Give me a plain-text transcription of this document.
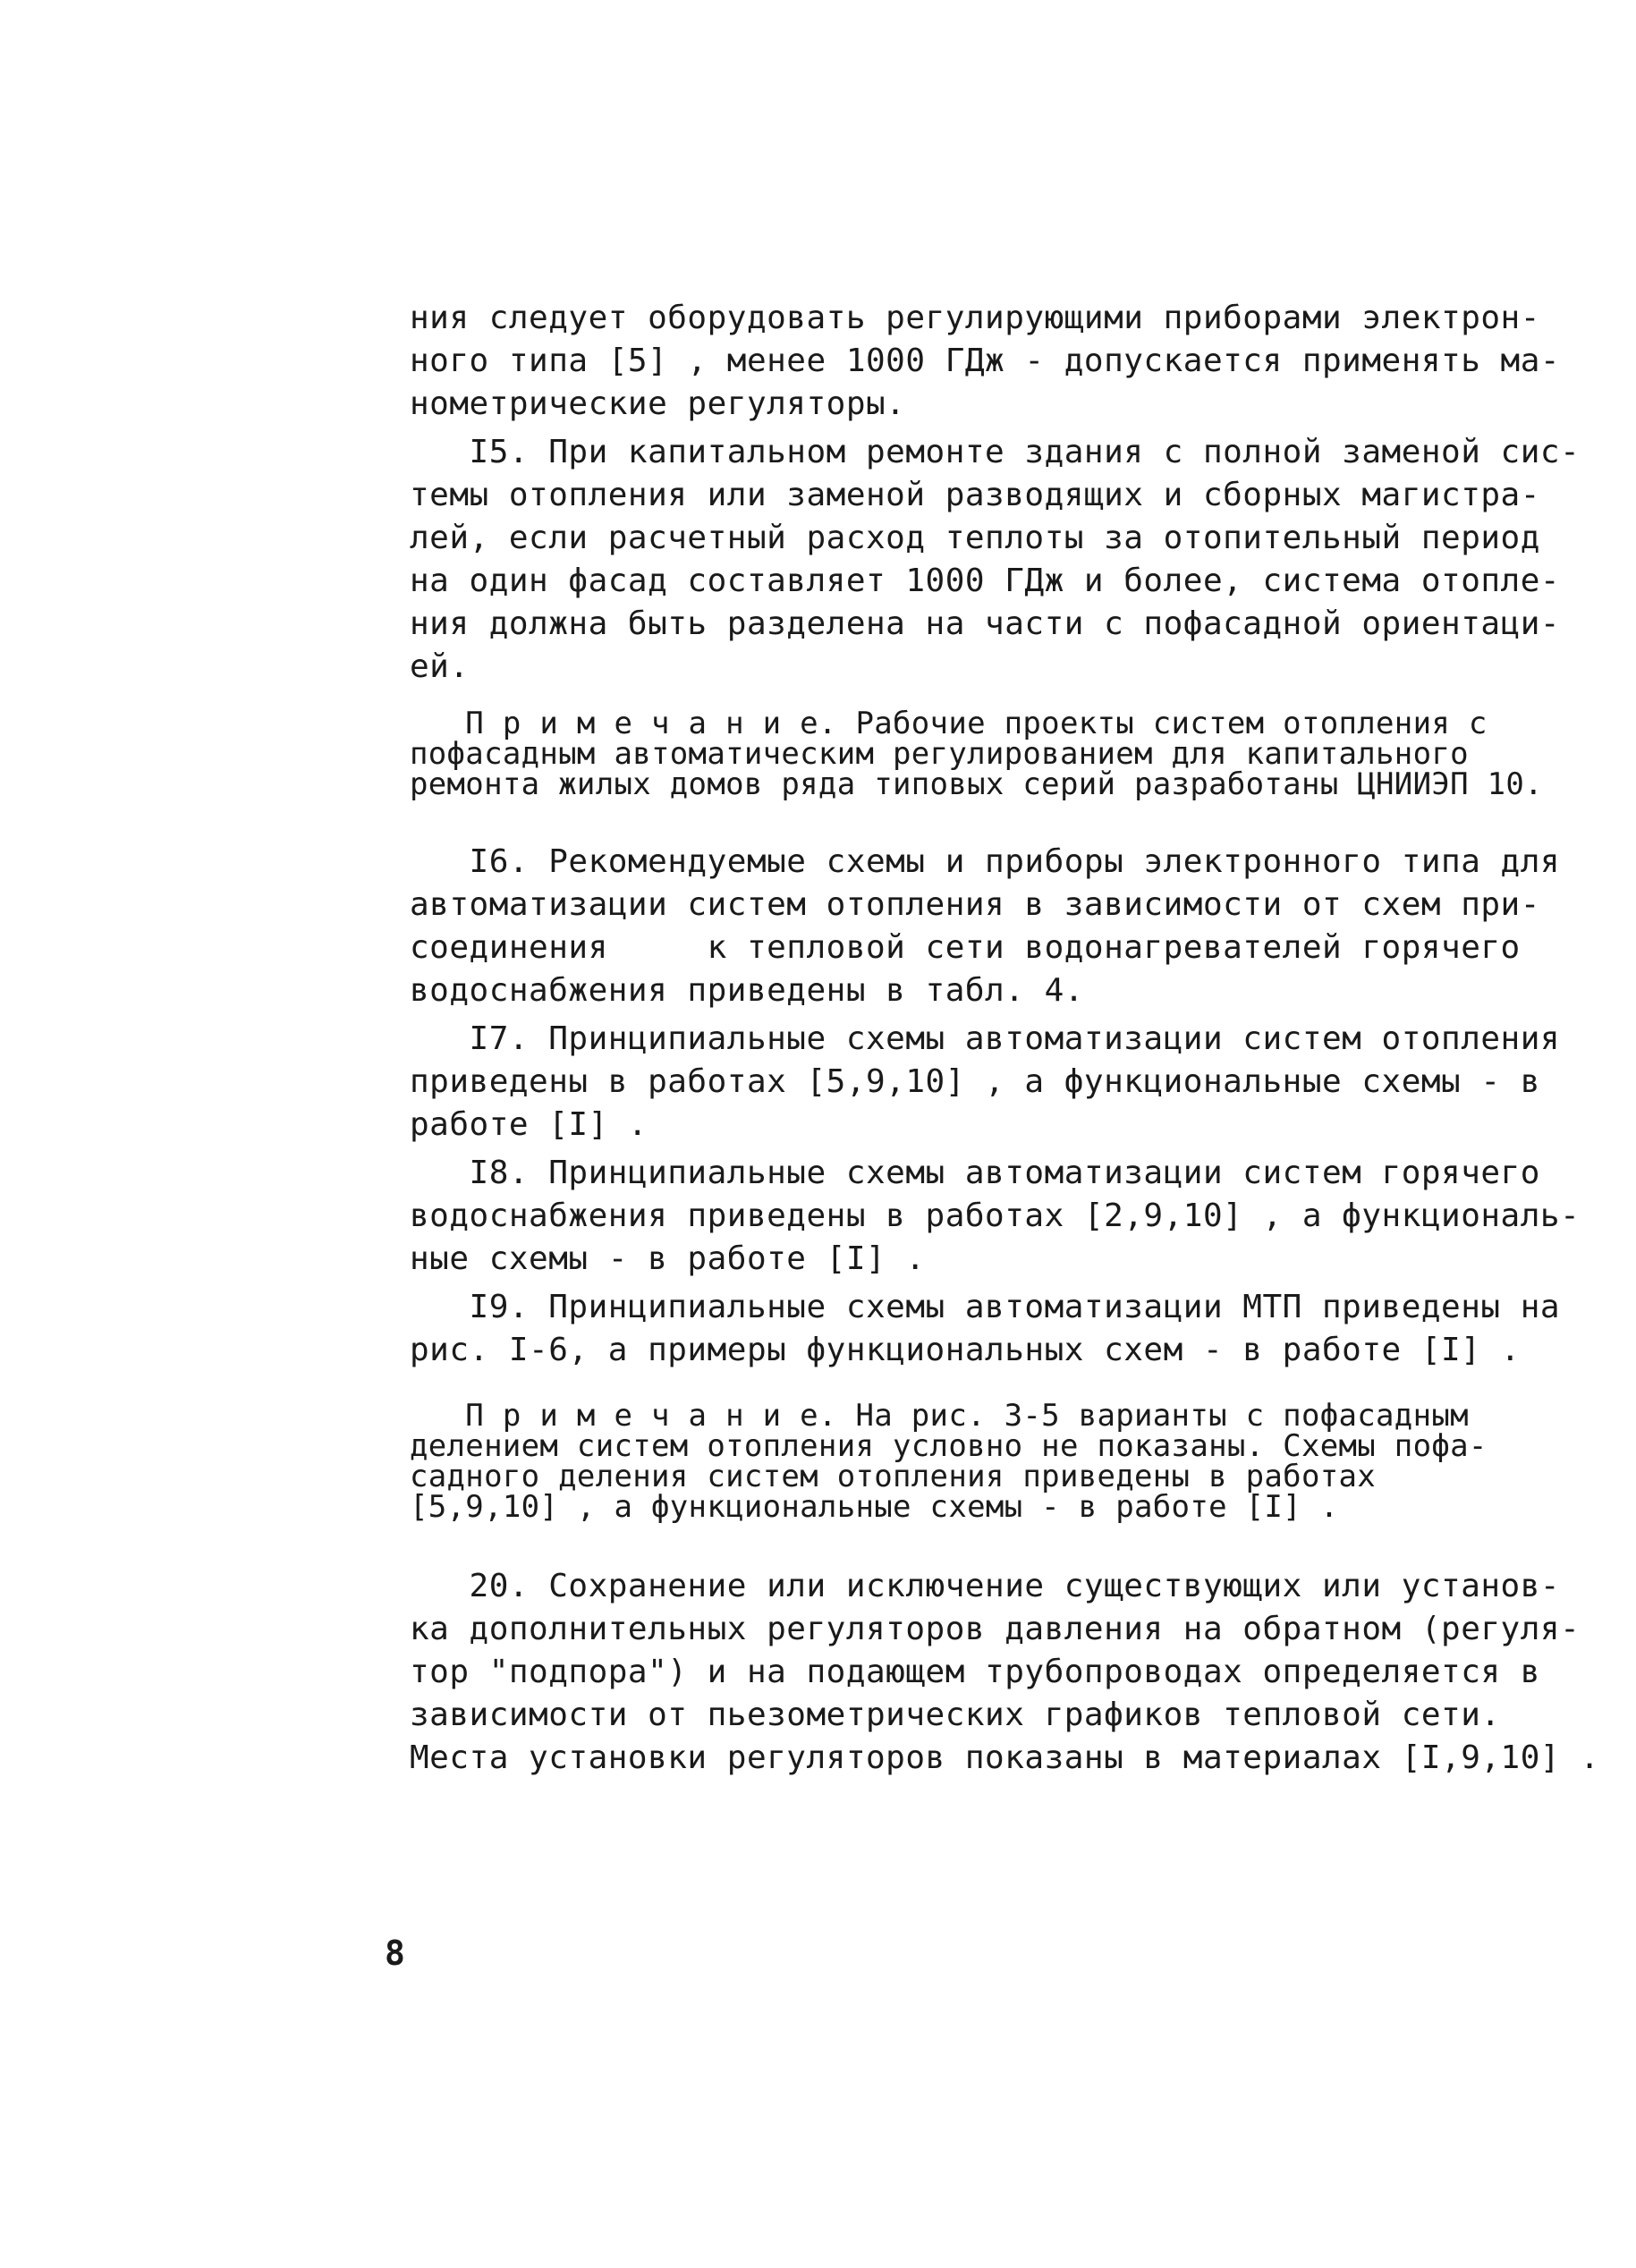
ния следует оборудовать регулирующими приборами электрон-
ного типа [5] , менее 1000 ГДж - допускается применять ма-
нометрические регуляторы.
I5. При капитальном ремонте здания с полной заменой сис-
темы отопления или заменой разводящих и сборных магистра-
лей, если расчетный расход теплоты за отопительный период
на один фасад составляет 1000 ГДж и более, система отопле-
ния должна быть разделена на части с пофасадной ориентаци-
ей.
П р и м е ч а н и е. Рабочие проекты систем отопления с
пофасадным автоматическим регулированием для капитального
ремонта жилых домов ряда типовых серий разработаны ЦНИИЭП 10.
I6. Рекомендуемые схемы и приборы электронного типа для
автоматизации систем отопления в зависимости от схем при-
соединения     к тепловой сети водонагревателей горячего
водоснабжения приведены в табл. 4.
I7. Принципиальные схемы автоматизации систем отопления
приведены в работах [5,9,10] , а функциональные схемы - в
работе [I] .
I8. Принципиальные схемы автоматизации систем горячего
водоснабжения приведены в работах [2,9,10] , а функциональ-
ные схемы - в работе [I] .
I9. Принципиальные схемы автоматизации МТП приведены на
рис. I-6, а примеры функциональных схем - в работе [I] .
П р и м е ч а н и е. На рис. 3-5 варианты с пофасадным
делением систем отопления условно не показаны. Схемы пофа-
садного деления систем отопления приведены в работах
[5,9,10] , а функциональные схемы - в работе [I] .
20. Сохранение или исключение существующих или установ-
ка дополнительных регуляторов давления на обратном (регуля-
тор "подпора") и на подающем трубопроводах определяется в
зависимости от пьезометрических графиков тепловой сети.
Места установки регуляторов показаны в материалах [I,9,10] .
8
